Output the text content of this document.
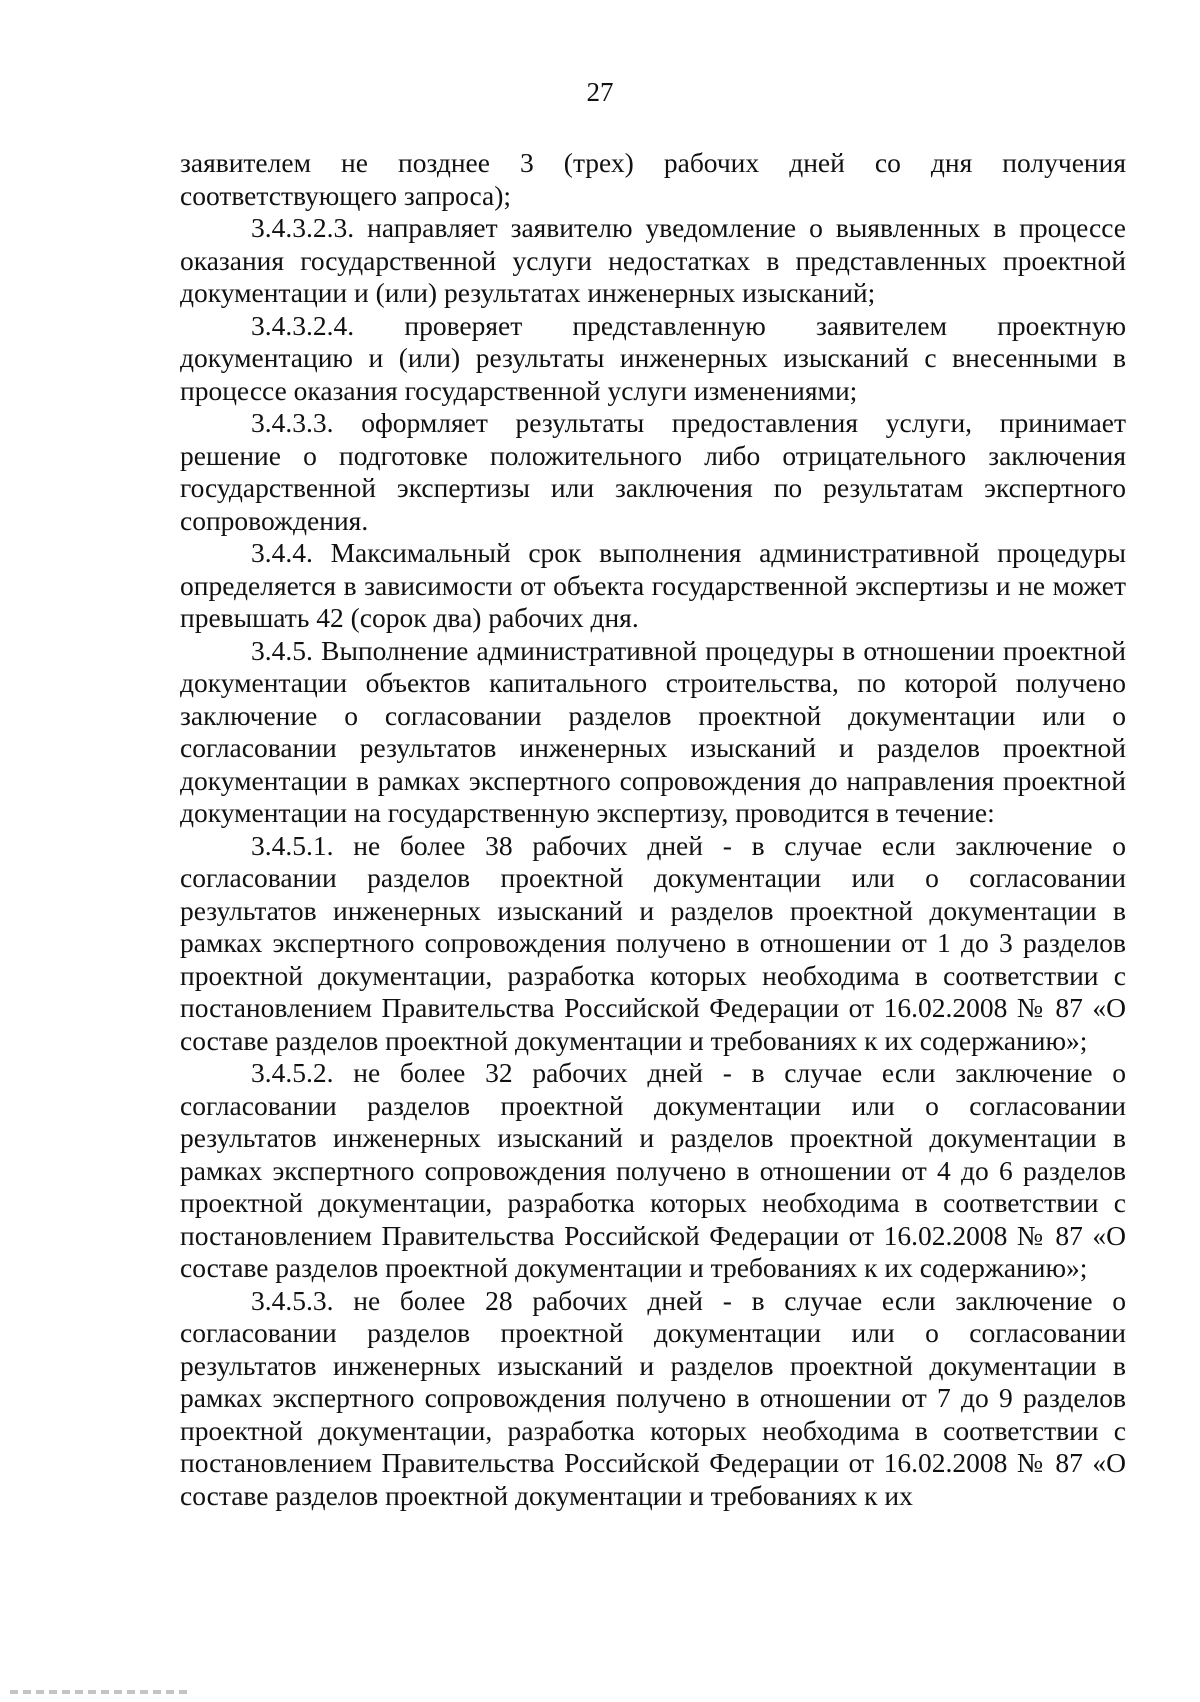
27

заявителем не позднее 3 (трех) рабочих дней со дня получения соответствующего запроса);

3.4.3.2.3. направляет заявителю уведомление о выявленных в процессе оказания государственной услуги недостатках в представленных проектной документации и (или) результатах инженерных изысканий;

3.4.3.2.4. проверяет представленную заявителем проектную документацию и (или) результаты инженерных изысканий с внесенными в процессе оказания государственной услуги изменениями;

3.4.3.3. оформляет результаты предоставления услуги, принимает решение о подготовке положительного либо отрицательного заключения государственной экспертизы или заключения по результатам экспертного сопровождения.

3.4.4. Максимальный срок выполнения административной процедуры определяется в зависимости от объекта государственной экспертизы и не может превышать 42 (сорок два) рабочих дня.

3.4.5. Выполнение административной процедуры в отношении проектной документации объектов капитального строительства, по которой получено заключение о согласовании разделов проектной документации или о согласовании результатов инженерных изысканий и разделов проектной документации в рамках экспертного сопровождения до направления проектной документации на государственную экспертизу, проводится в течение:

3.4.5.1. не более 38 рабочих дней - в случае если заключение о согласовании разделов проектной документации или о согласовании результатов инженерных изысканий и разделов проектной документации в рамках экспертного сопровождения получено в отношении от 1 до 3 разделов проектной документации, разработка которых необходима в соответствии с постановлением Правительства Российской Федерации от 16.02.2008 № 87 «О составе разделов проектной документации и требованиях к их содержанию»;

3.4.5.2. не более 32 рабочих дней - в случае если заключение о согласовании разделов проектной документации или о согласовании результатов инженерных изысканий и разделов проектной документации в рамках экспертного сопровождения получено в отношении от 4 до 6 разделов проектной документации, разработка которых необходима в соответствии с постановлением Правительства Российской Федерации от 16.02.2008 № 87 «О составе разделов проектной документации и требованиях к их содержанию»;

3.4.5.3. не более 28 рабочих дней - в случае если заключение о согласовании разделов проектной документации или о согласовании результатов инженерных изысканий и разделов проектной документации в рамках экспертного сопровождения получено в отношении от 7 до 9 разделов проектной документации, разработка которых необходима в соответствии с постановлением Правительства Российской Федерации от 16.02.2008 № 87 «О составе разделов проектной документации и требованиях к их
